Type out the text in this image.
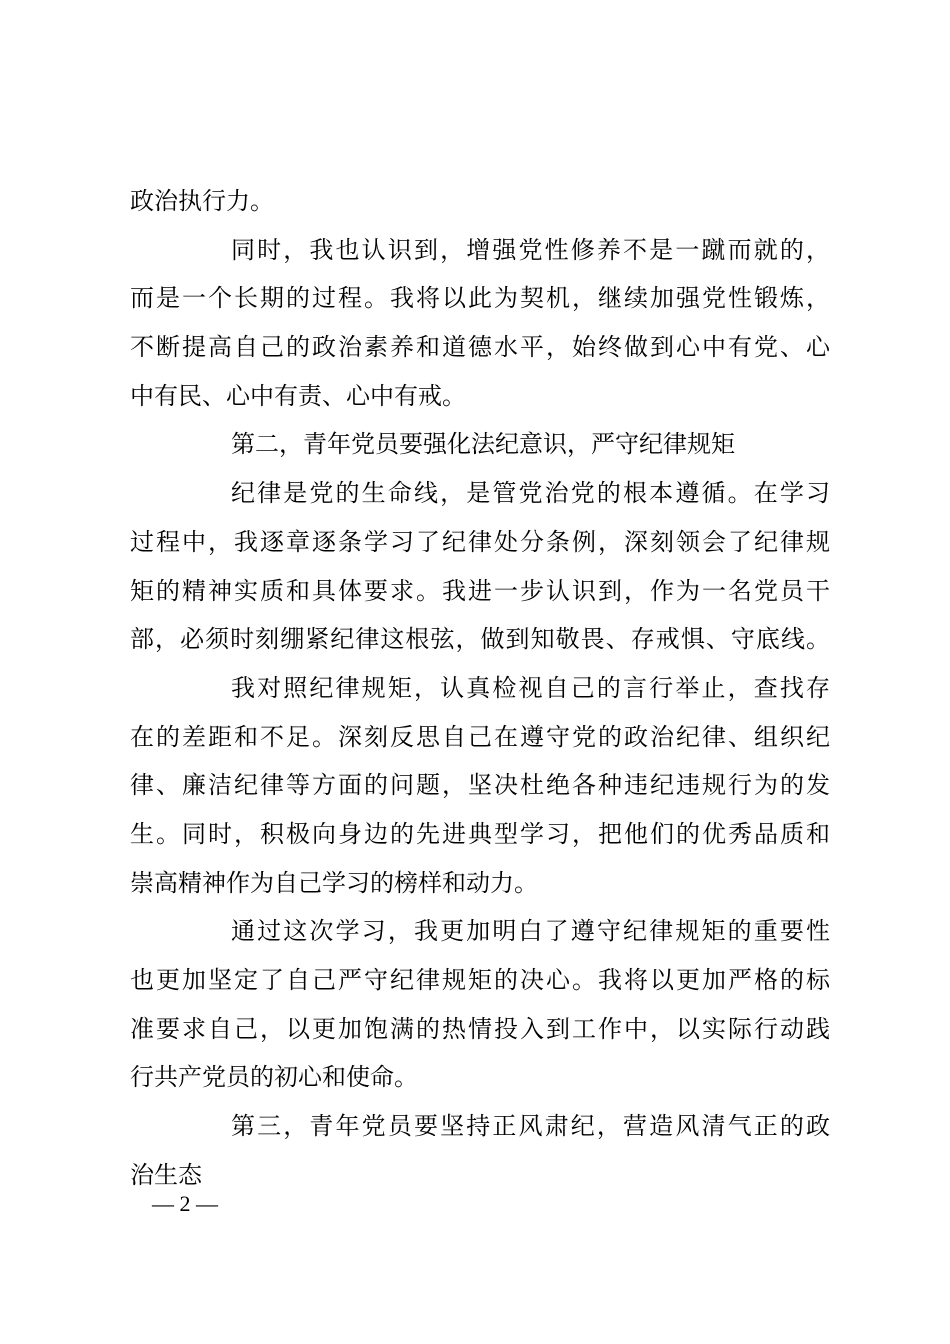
政治执行力。
同时，我也认识到，增强党性修养不是一蹴而就的，
而是一个长期的过程。我将以此为契机，继续加强党性锻炼，
不断提高自己的政治素养和道德水平，始终做到心中有党、心
中有民、心中有责、心中有戒。
第二，青年党员要强化法纪意识，严守纪律规矩
纪律是党的生命线，是管党治党的根本遵循。在学习
过程中，我逐章逐条学习了纪律处分条例，深刻领会了纪律规
矩的精神实质和具体要求。我进一步认识到，作为一名党员干
部，必须时刻绷紧纪律这根弦，做到知敬畏、存戒惧、守底线。
我对照纪律规矩，认真检视自己的言行举止，查找存
在的差距和不足。深刻反思自己在遵守党的政治纪律、组织纪
律、廉洁纪律等方面的问题，坚决杜绝各种违纪违规行为的发
生。同时，积极向身边的先进典型学习，把他们的优秀品质和
崇高精神作为自己学习的榜样和动力。
通过这次学习，我更加明白了遵守纪律规矩的重要性
也更加坚定了自己严守纪律规矩的决心。我将以更加严格的标
准要求自己，以更加饱满的热情投入到工作中，以实际行动践
行共产党员的初心和使命。
第三，青年党员要坚持正风肃纪，营造风清气正的政
治生态
— 2 —
